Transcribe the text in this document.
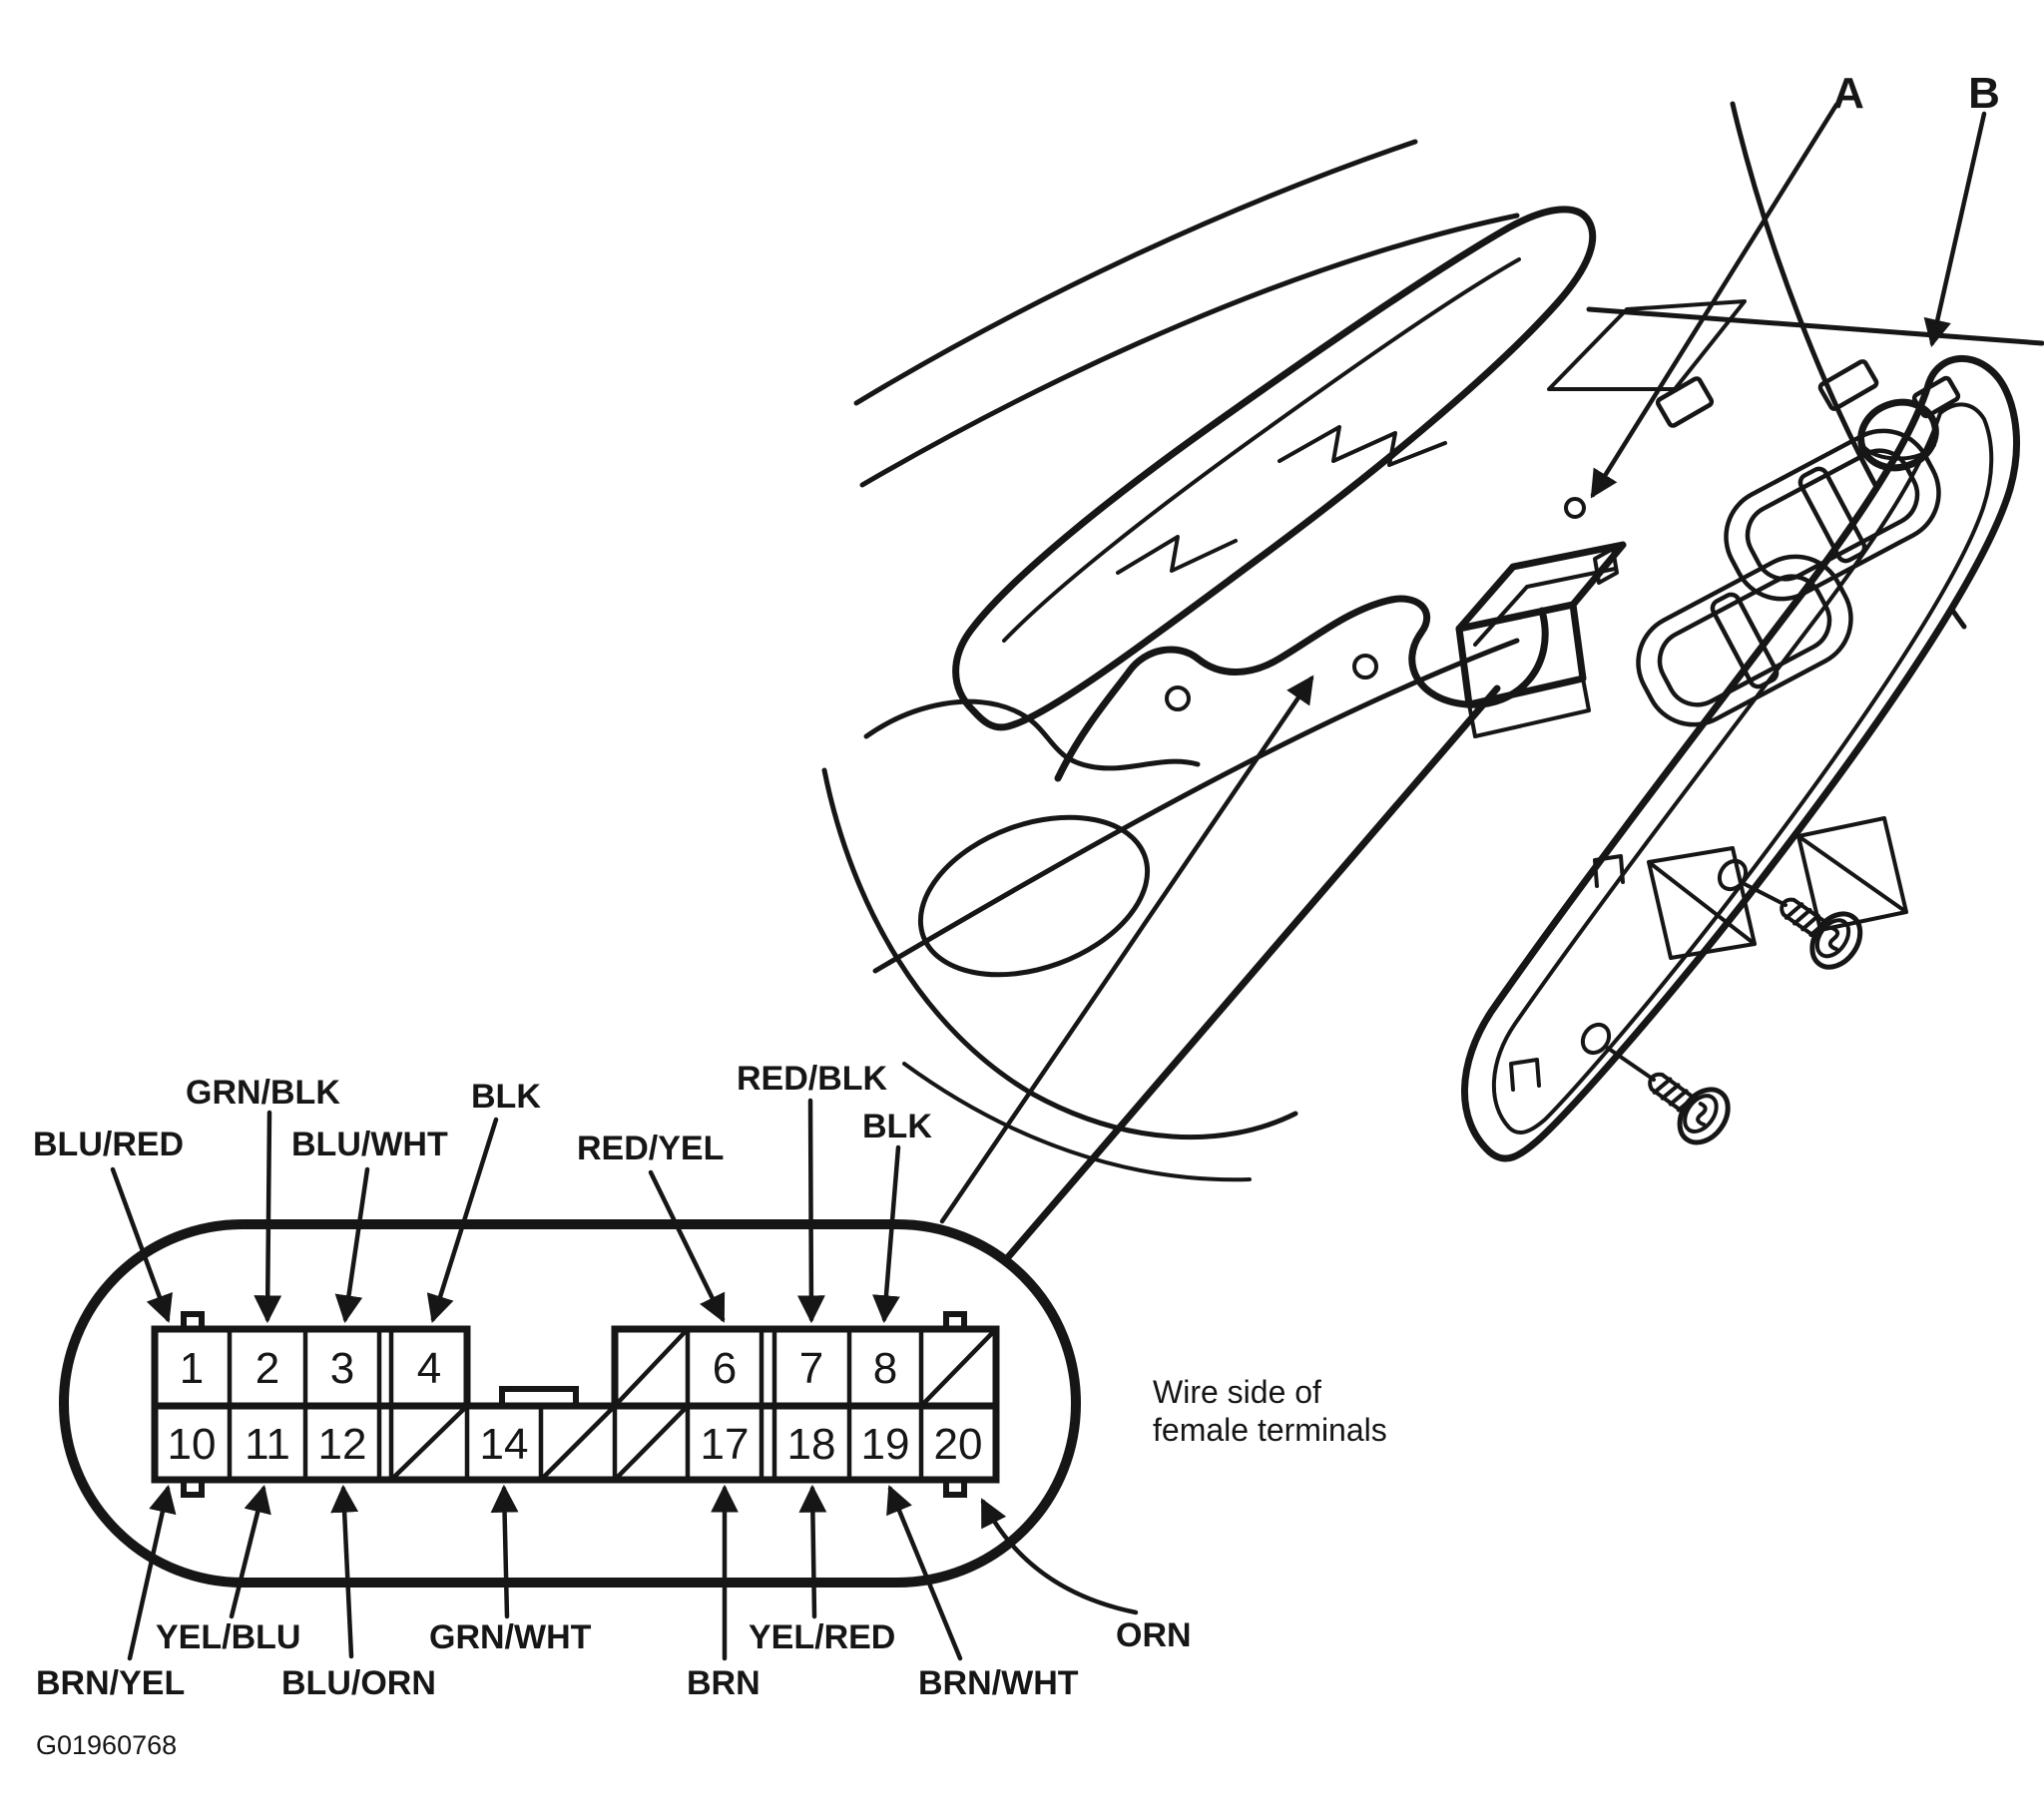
1 2 3 4	6 7 8
10 11 12	14	17 18 19 20
A B
BLU/RED
GRN/BLK
BLU/WHT
BLK
RED/YEL
RED/BLK
BLK
BRN/YEL
YEL/BLU
BLU/ORN
GRN/WHT
BRN
YEL/RED
BRN/WHT
ORN
Wire side of
female terminals
G01960768
